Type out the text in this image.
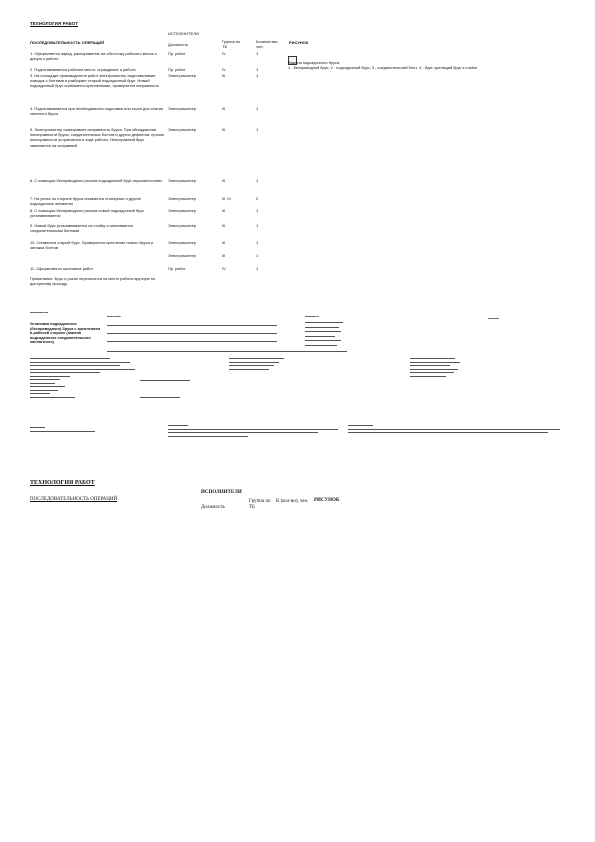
ТЕХНОЛОГИЯ РАБОТ
ИСПОЛНИТЕЛИ
ПОСЛЕДОВАТЕЛЬНОСТЬ ОПЕРАЦИЙ	Должность
Группа по ТБ
Количество, чел.
РИСУНОК
Замена подсадочного бруса:
1 - бесприводной брус; 2 - подсадочный брус; 3 - соединительный болт; 4 - бурт, крепящий брус к стойке
1. Оформляется наряд, распоряжение на обесточку рабочего места и допуск к работе
Пр. работ	IV	1
2. Подготавливается рабочее место: ограждение и работа	Пр. работ	IV	1
3. На площадке производителя работ электромонтер подготавливает поводок с болтами и разбирает старый подсадочный брус. Новый подсадочный брус снабжается креплениями, проверяется исправность
Электромонтер	III	1
4. Подготавливается при необходимости подставка или строп для снятия сменного бруса
Электромонтер	III	1
5. Электромонтер осматривает исправность бруса. При обнаружении неисправности бруса, соединительных болтов и других дефектов, прочие неисправности устраняются в ходе работы. Неисправный брус заменяется на исправный
Электромонтер	III	1
6. С помощью бесприводного рычага подсадочный брус опускается вниз	Электромонтер	III	1
7. На рельс по стороне бруса снимаются стопорные и другие подсадочные элементы
Электромонтер	III, III	2
8. С помощью бесприводного рычага новый подсадочный брус устанавливается
Электромонтер	III	1
9. Новый брус устанавливается на стойку и затягивается соединительными болтами
Электромонтер	III	1
10. Снимается старый брус. Проверяется крепление нового бруса и затяжка болтов
Электромонтер	III	1
Электромонтер	III	1
11. Оформляется окончание работ	Пр. работ	IV	1
Примечание. Брус и рычаг переносятся на место работы вручную по доступному проходу.
▬▬▬▬▬▬ ▬▬
Установка подсадочного (бесприводного) бруса с креплением в рабочей стороне (замена подсадочного соединительного контактного)
▬▬▬ ▬▬▬	▬▬▬▬▬ ▬
▬▬▬▬▬
ТЕХНОЛОГИЯ РАБОТ
ИСПОЛНИТЕЛИ
ПОСЛЕДОВАТЕЛЬНОСТЬ ОПЕРАЦИЙ
Должность
Группа по ТБ
К (кол-во), чел.	РИСУНОК
